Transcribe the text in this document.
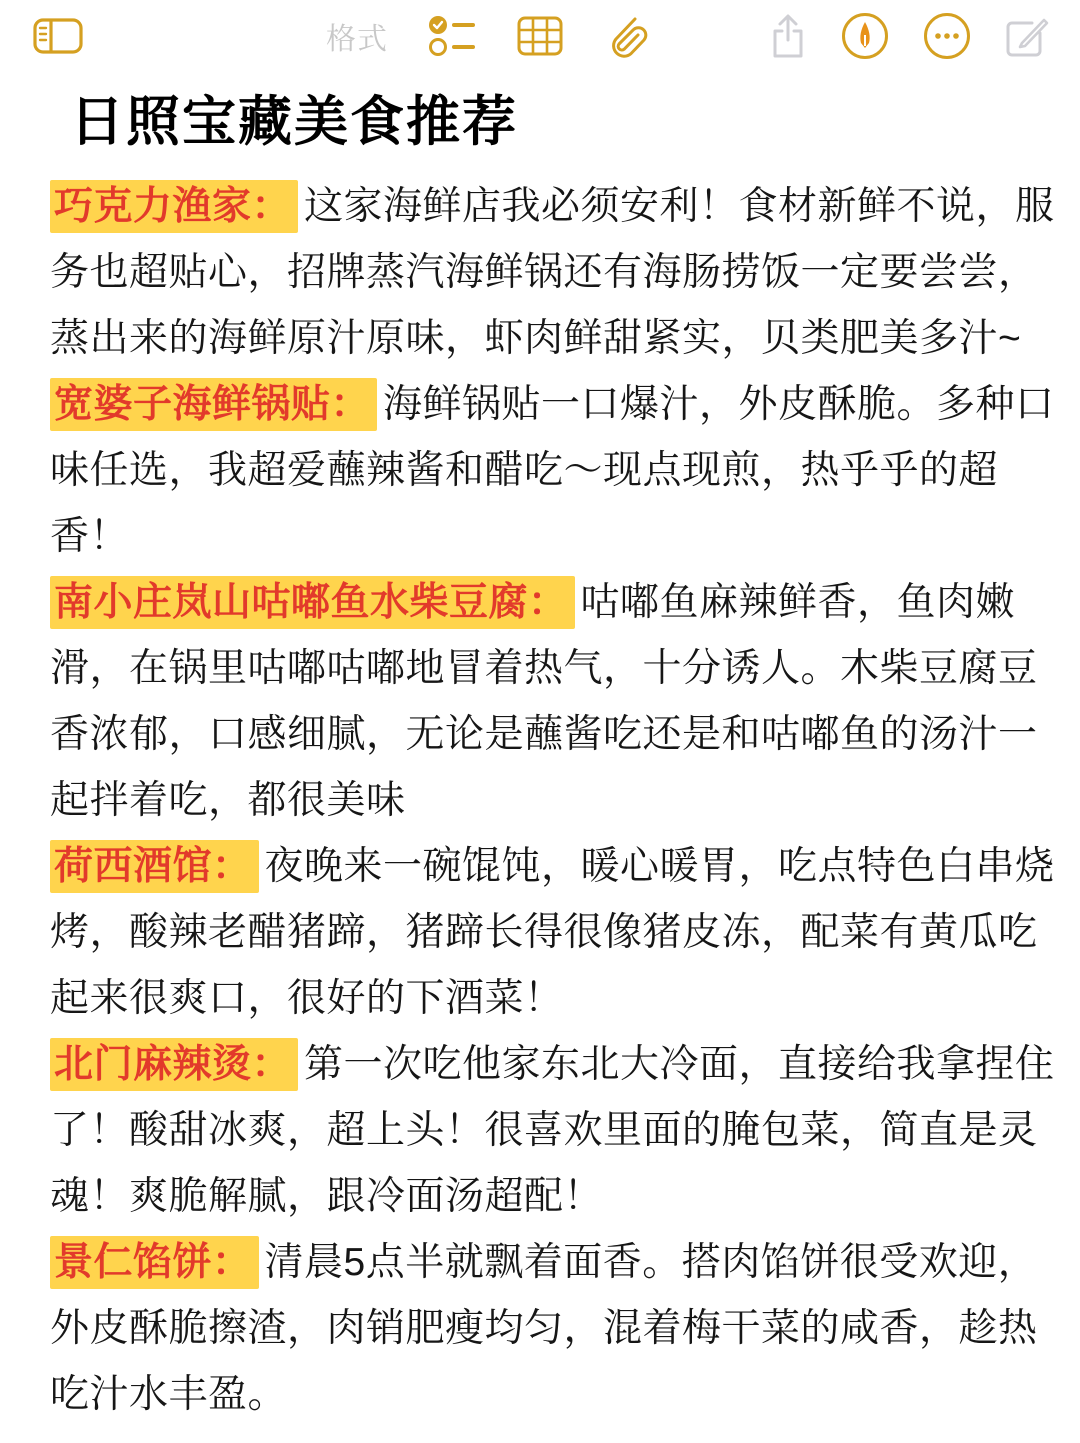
格式
日照宝藏美食推荐
巧克力渔家： 这家海鲜店我必须安利！食材新鲜不说，服
务也超贴心，招牌蒸汽海鲜锅还有海肠捞饭一定要尝尝，
蒸出来的海鲜原汁原味，虾肉鲜甜紧实，贝类肥美多汁~
宽婆子海鲜锅贴： 海鲜锅贴一口爆汁，外皮酥脆。多种口
味任选，我超爱蘸辣酱和醋吃～现点现煎，热乎乎的超
香！
南小庄岚山咕嘟鱼水柴豆腐： 咕嘟鱼麻辣鲜香，鱼肉嫩
滑，在锅里咕嘟咕嘟地冒着热气，十分诱人。木柴豆腐豆
香浓郁，口感细腻，无论是蘸酱吃还是和咕嘟鱼的汤汁一
起拌着吃，都很美味
荷西酒馆： 夜晚来一碗馄饨，暖心暖胃，吃点特色白串烧
烤，酸辣老醋猪蹄，猪蹄长得很像猪皮冻，配菜有黄瓜吃
起来很爽口，很好的下酒菜！
北门麻辣烫： 第一次吃他家东北大冷面，直接给我拿捏住
了！酸甜冰爽，超上头！很喜欢里面的腌包菜，简直是灵
魂！爽脆解腻，跟冷面汤超配！
景仁馅饼： 清晨5点半就飘着面香。搭肉馅饼很受欢迎，
外皮酥脆擦渣，肉销肥瘦均匀，混着梅干菜的咸香，趁热
吃汁水丰盈。
